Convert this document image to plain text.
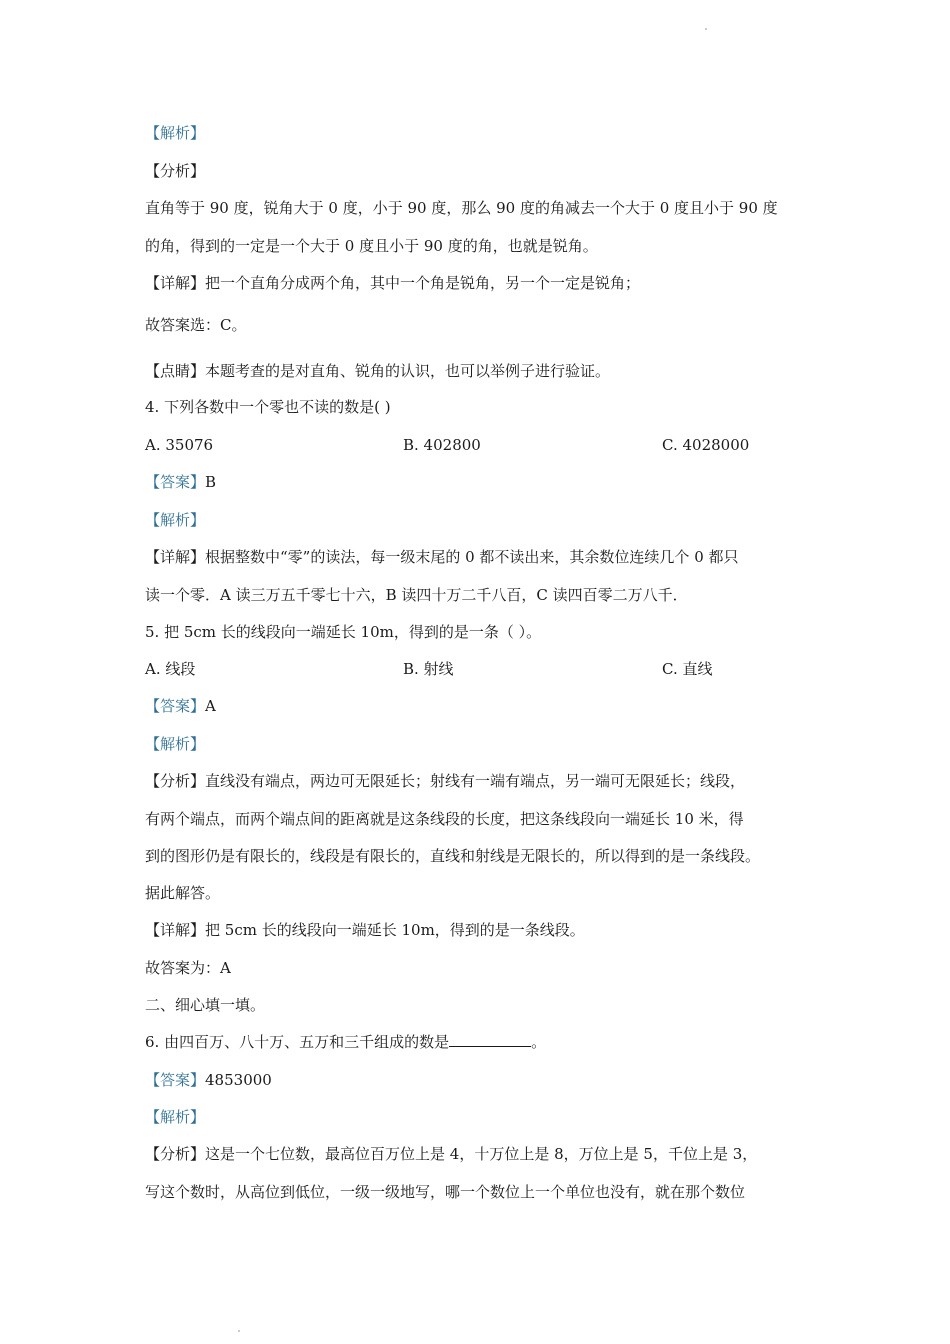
【解析】
【分析】
直角等于 90 度，锐角大于 0 度，小于 90 度，那么 90 度的角减去一个大于 0 度且小于 90 度
的角，得到的一定是一个大于 0 度且小于 90 度的角，也就是锐角。
【详解】把一个直角分成两个角，其中一个角是锐角，另一个一定是锐角；
故答案选：C。
【点睛】本题考查的是对直角、锐角的认识，也可以举例子进行验证。
4. 下列各数中一个零也不读的数是( )
A. 35076	B. 402800	C. 4028000
【答案】B
【解析】
【详解】根据整数中“零”的读法，每一级末尾的 0 都不读出来，其余数位连续几个 0 都只
读一个零．A 读三万五千零七十六，B 读四十万二千八百，C 读四百零二万八千．
5. 把 5cm 长的线段向一端延长 10m，得到的是一条（ ）。
A. 线段	B. 射线	C. 直线
【答案】A
【解析】
【分析】直线没有端点，两边可无限延长；射线有一端有端点，另一端可无限延长；线段，
有两个端点，而两个端点间的距离就是这条线段的长度，把这条线段向一端延长 10 米，得
到的图形仍是有限长的，线段是有限长的，直线和射线是无限长的，所以得到的是一条线段。
据此解答。
【详解】把 5cm 长的线段向一端延长 10m，得到的是一条线段。
故答案为：A
二、细心填一填。
6. 由四百万、八十万、五万和三千组成的数是	。
【答案】4853000
【解析】
【分析】这是一个七位数，最高位百万位上是 4，十万位上是 8，万位上是 5，千位上是 3，
写这个数时，从高位到低位，一级一级地写，哪一个数位上一个单位也没有，就在那个数位
